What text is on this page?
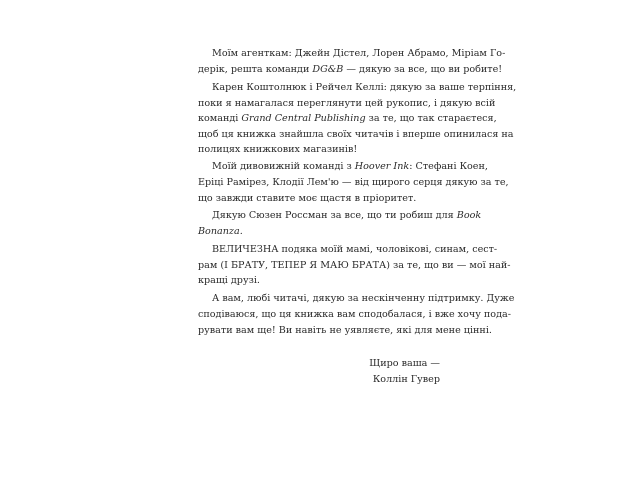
Моїм агенткам: Джейн Дістел, Лорен Абрамо, Міріам Го-
дерік, решта команди DG&B — дякую за все, що ви робите!
Карен Коштолнюк і Рейчел Келлі: дякую за ваше терпіння,
поки я намагалася переглянути цей рукопис, і дякую всій
команді Grand Central Publishing за те, що так стараєтеся,
щоб ця книжка знайшла своїх читачів і вперше опинилася на
полицях книжкових магазинів!
Моїй дивовижній команді з Hoover Ink: Стефані Коен,
Еріці Рамірез, Клодії Лем'ю — від щирого серця дякую за те,
що завжди ставите моє щастя в пріоритет.
Дякую Сюзен Россман за все, що ти робиш для Book
Bonanza.
ВЕЛИЧЕЗНА подяка моїй мамі, чоловікові, синам, сест-
рам (І БРАТУ, ТЕПЕР Я МАЮ БРАТА) за те, що ви — мої най-
кращі друзі.
А вам, любі читачі, дякую за нескінченну підтримку. Дуже
сподіваюся, що ця книжка вам сподобалася, і вже хочу пода-
рувати вам ще! Ви навіть не уявляєте, які для мене цінні.
Щиро ваша —
Коллін Гувер
